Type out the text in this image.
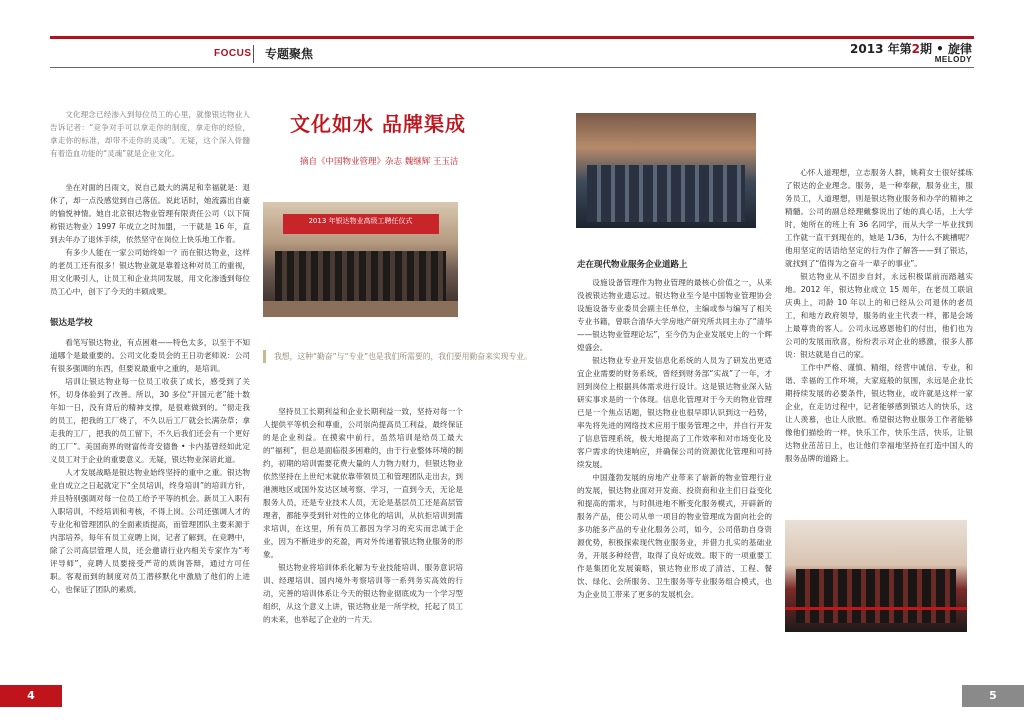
FOCUS 专题聚焦	2013 年第2期 • 旋律
MELODY

文化理念已经渗入到每位员工的心里，就像银达物业人告诉记者：“竞争对手可以拿走你的制度，拿走你的经验，拿走你的标准，却带不走你的灵魂”。无疑，这个深入骨髓有着造血功能的“灵魂”就是企业文化。

坐在对面的吕雨文，说自己最大的满足和幸福就是：退休了，却一点没感觉到自己落伍。说此话时，她流露出自豪的愉悦神情。她自北京银达物业管理有限责任公司（以下简称银达物业）1997 年成立之时加盟，一干就是 16 年，直到去年办了退休手续，依然坚守在岗位上快乐地工作着。

有多少人能在一家公司始终如一？而在银达物业，这样的老员工还有很多！银达物业就是靠着这种对员工的重视，用文化吸引人，让员工和企业共同发展，用文化渗透到每位员工心中，创下了今天的丰硕成果。

银达是学校

看笔写银达物业，有点困难——特色太多，以至于不知道哪个是最重要的。公司文化委员会的王日功老师说：公司有很多强调的东西，但要说最重中之重的，是培训。

培训让银达物业每一位员工收获了成长，感受到了关怀，切身体验到了改善。所以，30 多位“开国元老”能十数年如一日，没有背后的精神支撑，是很难做到的。“彻走我的员工，把我的工厂烧了，不久以后工厂就会长满杂草；拿走我的工厂，把我的员工留下，不久后我们还会有一个更好的工厂”。美国商界的财富传奇安德鲁 • 卡内基曾经如此定义员工对于企业的重要意义。无疑，银达物业深谙此道。

人才发展战略是银达物业始终坚持的重中之重。银达物业自成立之日起就定下“全员培训，终身培训”的培训方针，并且特别强调对每一位员工给予平等的机会。新员工入职有入职培训，不经培训和考核，不得上岗。公司还强调人才的专业化和管理团队的全面素质提高，而管理团队主要来源于内部培养，每年有员工竞聘上岗，记者了解到，在竞聘中，除了公司高层管理人员，还会邀请行业内相关专家作为“考评导师”，竞聘人员要接受严苛的质询答辩，通过方可任职。客观而到的制度对员工潜移默化中激励了他们的上进心，也保证了团队的素质。

文化如水 品牌渠成
摘自《中国物业管理》杂志 魏继辉 王玉洁
2013 年银达物业高级工聘任仪式
我想，这种“勤奋”与“专业”也是我们所需要的，我们要用勤奋来实现专业。

坚持员工长期利益和企业长期利益一致，坚持对每一个人提供平等机会和尊重，公司崇尚提高员工利益，最终保证的是企业利益。在摸索中前行，虽然培训是给员工最大的“福利”，但总是面临很多困难的，由于行业整体环境的制约，初期的培训需要花费大量的人力物力财力，但银达物业依然坚持在上世纪末就依靠带领员工和管理团队走出去，到港澳地区或国外发达区域考察、学习，一直到今天，无论是服务人员，还是专业技术人员，无论是基层员工还是高层管理者，都能享受到针对性的立体化的培训，从抗拒培训到需求培训，在这里，所有员工都因为学习的充实而忠诚于企业，因为不断进步的充盈，两对外传递着银达物业服务的形象。

银达物业将培训体系化解为专业技能培训、服务意识培训、经理培训、国内境外考察培训等一系列务实高效的行动，完善的培训体系让今天的银达物业彻底成为一个学习型组织，从这个意义上讲，银达物业是一所学校，托起了员工的未来，也举起了企业的一片天。

走在现代物业服务企业道路上

设施设备管理作为物业管理的最核心价值之一，从来没被银达物业遗忘过。银达物业至今是中国物业管理协会设施设备专业委员会副主任单位，主编或参与编写了相关专业书籍，曾联合清华大学房地产研究所共同主办了“清华——银达物业管理论坛”，至今仍为企业发展史上的一个辉煌盛会。

银达物业专业开发信息化系统的人员为了研发出更适宜企业需要的财务系统，曾经到财务部“实战”了一年，才回到岗位上根据具体需求进行设计。这是银达物业深入钻研实事求是的一个体现。信息化管理对于今天的物业管理已是一个焦点话题，银达物业也很早即认识到这一趋势，率先将先进的网络技术应用于服务管理之中，并自行开发了信息管理系统，极大地提高了工作效率和对市场变化及客户需求的快速响应，并确保公司的资源优化管理和可持续发展。

中国蓬勃发展的房地产业带来了崭新的物业管理行业的发展，银达物业面对开发商、投资商和业主们日益变化和提高的需求，与时俱进地不断变化服务模式，开辟新的服务产品，使公司从单一项目的物业管理成为面向社会的多功能多产品的专业化服务公司，如今，公司借助自身资源优势，积极探索现代物业服务业，并借力扎实的基础业务，开展多种经营，取得了良好成效。眼下的一项重要工作是集团化发展策略，银达物业形成了清洁、工程、餐饮、绿化、会所服务、卫生服务等专业服务组合模式，也为企业员工带来了更多的发展机会。

心怀人道理想，立志服务人群，姚莉女士很好揉练了银达的企业理念。服务，是一种奉献，服务业主，服务员工，人道理想，则是银达物业服务和办学的精神之精髓。公司的副总经理戴黎说出了她的真心话，上大学时，她所在的班上有 36 名同学，而从大学一毕业找到工作就一直干到现在的，她是 1/36，为什么不跳槽呢？他用坚定的话语给坚定的行为作了解答——到了银达，就找到了“值得为之奋斗一辈子的事业”。

银达物业从不固步自封，永远积极谋前而踏越实地。2012 年，银达物业成立 15 周年，在老员工联谊庆典上，司龄 10 年以上的和已经从公司退休的老员工，和地方政府领导，服务的业主代表一样，都是会场上最尊贵的客人。公司永远感恩他们的付出，他们也为公司的发展而欣喜，纷纷表示对企业的感激，很多人都说：银达就是自己的家。

工作中严格、谨慎、精细，经营中诚信、专业，和谐、幸福的工作环境，大家庭般的氛围，永远是企业长期持续发展的必要条件，银达物业，或许就是这样一家企业，在走访过程中，记者能够感到银达人的快乐，这让人羡慕，也让人欣慰。希望银达物业服务工作者能够像他们描绘的一样，快乐工作，快乐生活，快乐，让银达物业茁茁日上，也让他们幸福地坚持在打造中国人的服务品牌的道路上。

4	5
